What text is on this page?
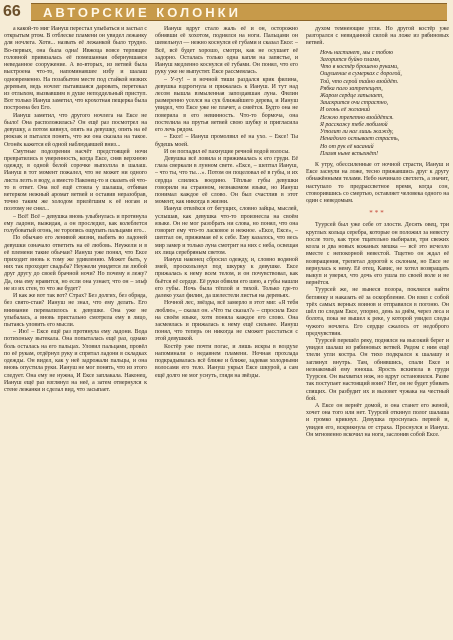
66	АВТОРСКИЕ КОЛОНКИ

а какой-то миг Иануш перестал улыбаться и застыл с открытым ртом. В отблеске пламени он увидел лежанку для ночлега. Хотя... назвать её лежанкой было трудно. Во-первых, она была одна! Ивжоца вовсе терпящее головной привязалась её помешанная обернувшаяся неведанное сооружение. А во-вторых, из ветвей была выстроена что-то, напоминавшее избу и шалаш одновременно. На позабытом месте под стайкой низких деревьев, ведь ночлег пытавшаяся даровать, перетекал из отлыхом, вызвавшим в душе неподдельный приступ. Вот только Иануш заметил, что крохотная пещерка была построена без Его.

Иануш заметил, что другого ночлега на Ексе не было! Она расположилась? Он ещё раз посмотрел на девушку, а потом кивнул, опять на девушку, опять на её рюкзак и пытался понять, что же она сказала на такое. Огонёк кажется ей одной наблюдавшей вниз...

Смутные подозрения насчёт предстоящей ночи превратились в уверенность, когда Ексе, сняв верхнюю одежду, в одной белой сорочке выползла в шалаш. Иануш в тот момент пожалел, что не может ни одного листа лезть в воду, а вместо Наконец-то и сказать ей что-то в ответ. Она всё ещё стояла у шалаша, отбивая ветерком нежный аромат ветвей и оставив неразобрав, точно таким же холодом прилёгшим к её ногам и поэтому не снял...

– Всё! Всё – девушка вновь улыбнулась и протянула ему ладони, выжидая, а он проследил, как колеблется голубоватый огонь, не торопясь ощупать пальцами его...

По обычаю его ленивой жизни, выбить во ладоней девушки означало ответить на её любовь. Неужели и в её племени такие обычаи? Иануш уже понял, что Ексе приходит вновь к тому же удивлению. Может быть, у них так проходит свадьба? Неужели увидятся ли любой друг другу до своей брачной ночи? Но почему я лежу? Да, она ему нравится, но если она узнает, что он – эльф не из их стен, то что же будет?

И как же вот так вот? Страх? Без долгих, без обряда, без свято-стаи? Иануш не знал, что ему делать. Его внимание перевалилось к девушке. Она уже не улыбалась, а вновь пристально смотрела ему в лицо, пытаясь уловить его мысли.

– Ию! – Ексе ещё раз протянула ему ладони. Вода потихоньку вытекала. Она попыталась ещё раз, однако боль осталась на его пальцах. Уловил пальцами, провёл по её рукам, отдёрнул руку и спрятал ладони в складках одежды. Он видел, как у неё задрожали пальцы, и она вновь опустила руки. Иануш не мог понять, что из этого следует. Она ему не нужна, И Ексе заплакала. Наконец, Иануш ещё раз взглянул на неё, а затем отвернулся к стене лежанки и сделал вид, что засыпает.

Иануш вдруг стало жаль её и он, осторожно обнявши её хохотом, поднялся на ноги. Пальцами он шевельнул — нежно коснулся её губами и сказал Ексе: – Всё, всё будет хорошо, смотри, как не осушает её задорно. Осталась только одна капля на запястье, и Иануш медленно коснулся её губами. Он понял, что его руку уже не выпустят. Ексе рассмеялась.

– У-гу! – в ночной тиши раздался крик филина, девушка вздрогнула и прижалась к Иануш. И тут над лесом вышла взмыленная запоздавшая луна. Филин размеренно уселся на сук ближайшего дерева, и Иануш увидел, что Ексе уже не плачет, а смеётся. Будто она не поверила в его невинность. Что-то бормоча, она постелила на прутья ветвей свою шубку и пригласила его лечь рядом.

– Ексе! – Иануш промолвил её на ухо. – Ексе! Ты будешь моей.

И он погладил её пахнущие речной водой волосы.

Девушка всё ловила и прижималась к его груди. Её глаза сверкали в лунном свете. «Ексе, – шептал Иануш, – что ты, что ты…». Потом он поцеловал её в губы, и их сердца слились воедино. Тёплые губы девушки говорили на странном, незнакомом языке, но Иануш понимал каждое её слово. Он был счастлив в этот момент, как никогда в жизни.

Иануш отвлёкся от бегущих, словно зайцы, мыслей, услышав, как девушка что-то произнесла на своём языке. Он не мог разобрать ни слова, но понял, что она говорит ему что-то ласковое и нежное. «Ексе, Ексе», – шептал он, прижимая её к себе. Ему казалось, что весь мир замер и только луна смотрит на них с неба, освещая их лица серебряным светом.

Иануш наконец сбросил одежду, и, словно водяной змей, проскользнул под шкурку к девушке. Ексе прижалась к нему всем телом, и он почувствовал, как бьётся её сердце. Её руки обвили его шею, а губы нашли его губы. Ночь была тёплой и тихой. Только где-то далеко ухал филин, да шелестели листья на деревьях.

Ночной лес, звёзды, всё замерло в этот миг. «Я тебя люблю», – сказал он. «Что ты сказал?» – спросила Ексе на своём языке, хотя поняла каждое его слово. Она засмеялась и прижалась к нему ещё сильнее. Иануш понял, что теперь он никогда не сможет расстаться с этой девушкой.

Костёр уже почти погас, и лишь искры в воздухе напоминали о недавнем пламени. Ночная прохлада подкрадывалась всё ближе и ближе, задевая холодными волосами его тело. Иануш укрыл Ексе шкурой, а сам ещё долго не мог уснуть, глядя на звёзды.

духом темнеющие угли. Но другой костёр уже разгорался с невиданной силой на ложе из рябиновых ветвей.

Ночь настанет, мы с тобою
Загорится буйно пламя,
Что в костёр брошено руками,
Ощушение в сумерках с дорогой,
Той, что серой тайно взойдёт.
Рябка пало затрепещет,
Жаром сердце запылает,
Заискрится очи страстно,
И огонь её желаний
Нежно трепетно взойдётся.
Я расскажу тебе любимой
Утолит ли наг лишь жажду,
Ненадолго остывает страсть,
Но от рук её касаний
Пламя ныне вспыхнёт!

К утру, обессиленные от ночной страсти, Иануш и Ексе заснули на ложе, тесно прижавшись друг к другу обнажёнными телами. Небо начинало светлеть, а значит, наступало то предрассветное время, когда сон, стоворившись со смертью, оставляет человека одного на один с неведомым.

***

Туурсей был уже себе от злости. Десять овец, три круглых кольца серебра, которые он положил за невесту после того, как трое тщательно выбирали, три свежих козла и два новых кожаных мешка — всё это исчезло вместе с непокорной невестой. Тщетно он ждал её возвращения, трепетал дорогой к склонам, но Ексе не вернулась к нему. Её отец, Кавис, не хотел возвращать выкуп и уверял, что дочь его ушла по своей воле и не вернётся.

Туурсей же, не вынеся позора, поклялся найти беглянку и наказать её за оскорбление. Он взял с собой трёх самых верных воинов и отправился в погоню. Он шёл по следам Ексе, упорно, день за днём, через леса и болота, пока не вышел к реке, у которой увидел следы чужого ночлега. Его сердце сжалось от недоброго предчувствия.

Туурсей перешёл реку, поднялся на высокий берег и увидел шалаш из рябиновых ветвей. Рядом с ним ещё тлели угли костра. Он тихо подкрался к шалашу и заглянул внутрь. Там, обнявшись, спали Ексе и незнакомый ему юноша. Ярость вскипела в груди Туурсея. Он выхватил нож, но вдруг остановился. Разве так поступает настоящий воин? Нет, он не будет убивать спящих. Он разбудит их и вызовет чужака на честный бой.

А Ексе он вернёт домой, и она станет его женой, хочет она того или нет. Туурсей откинул полог шалаша и громко крикнул. Девушка проснулась первой и, увидев его, вскрикнула от страха. Проснулся и Иануш. Он мгновенно вскочил на ноги, заслонив собой Ексе.
